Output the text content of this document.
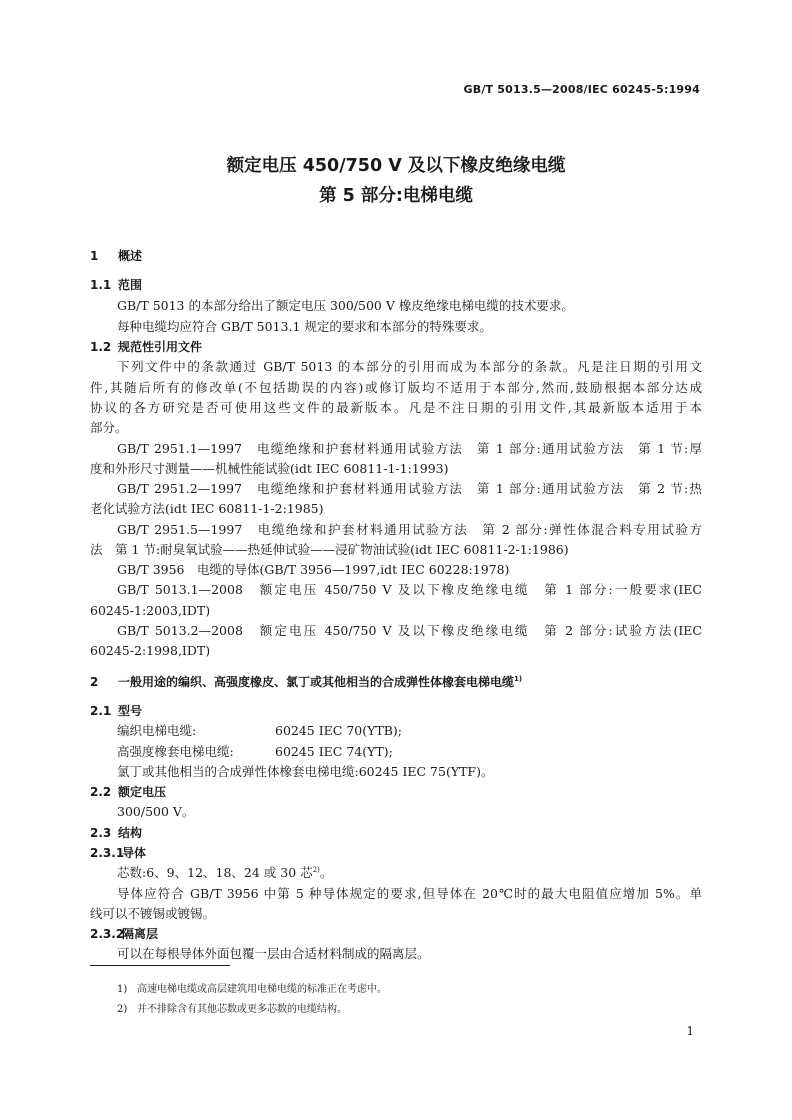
GB/T 5013.5—2008/IEC 60245-5:1994
额定电压 450/750 V 及以下橡皮绝缘电缆
第 5 部分:电梯电缆
1 概述
1.1 范围
GB/T 5013 的本部分给出了额定电压 300/500 V 橡皮绝缘电梯电缆的技术要求。
每种电缆均应符合 GB/T 5013.1 规定的要求和本部分的特殊要求。
1.2 规范性引用文件
下列文件中的条款通过 GB/T 5013 的本部分的引用而成为本部分的条款。凡是注日期的引用文
件,其随后所有的修改单(不包括勘误的内容)或修订版均不适用于本部分,然而,鼓励根据本部分达成
协议的各方研究是否可使用这些文件的最新版本。凡是不注日期的引用文件,其最新版本适用于本
部分。
GB/T 2951.1—1997　电缆绝缘和护套材料通用试验方法　第 1 部分:通用试验方法　第 1 节:厚
度和外形尺寸测量——机械性能试验(idt IEC 60811-1-1:1993)
GB/T 2951.2—1997　电缆绝缘和护套材料通用试验方法　第 1 部分:通用试验方法　第 2 节:热
老化试验方法(idt IEC 60811-1-2:1985)
GB/T 2951.5—1997　电缆绝缘和护套材料通用试验方法　第 2 部分:弹性体混合料专用试验方
法　第 1 节:耐臭氧试验——热延伸试验——浸矿物油试验(idt IEC 60811-2-1:1986)
GB/T 3956　电缆的导体(GB/T 3956—1997,idt IEC 60228:1978)
GB/T 5013.1—2008　额定电压 450/750 V 及以下橡皮绝缘电缆　第 1 部分:一般要求(IEC
60245-1:2003,IDT)
GB/T 5013.2—2008　额定电压 450/750 V 及以下橡皮绝缘电缆　第 2 部分:试验方法(IEC
60245-2:1998,IDT)
2 一般用途的编织、高强度橡皮、氯丁或其他相当的合成弹性体橡套电梯电缆$^{1)}$
2.1 型号
编织电梯电缆:	60245 IEC 70(YTB);
高强度橡套电梯电缆:	60245 IEC 74(YT);
氯丁或其他相当的合成弹性体橡套电梯电缆:60245 IEC 75(YTF)。
2.2 额定电压
300/500 V。
2.3 结构
2.3.1导体
芯数:6、9、12、18、24 或 30 芯$^{2)}$。
导体应符合 GB/T 3956 中第 5 种导体规定的要求,但导体在 20℃时的最大电阻值应增加 5%。单
线可以不镀锡或镀锡。
2.3.2隔离层
可以在每根导体外面包覆一层由合适材料制成的隔离层。
1) 高速电梯电缆或高层建筑用电梯电缆的标准正在考虑中。
2) 并不排除含有其他芯数或更多芯数的电缆结构。
1
